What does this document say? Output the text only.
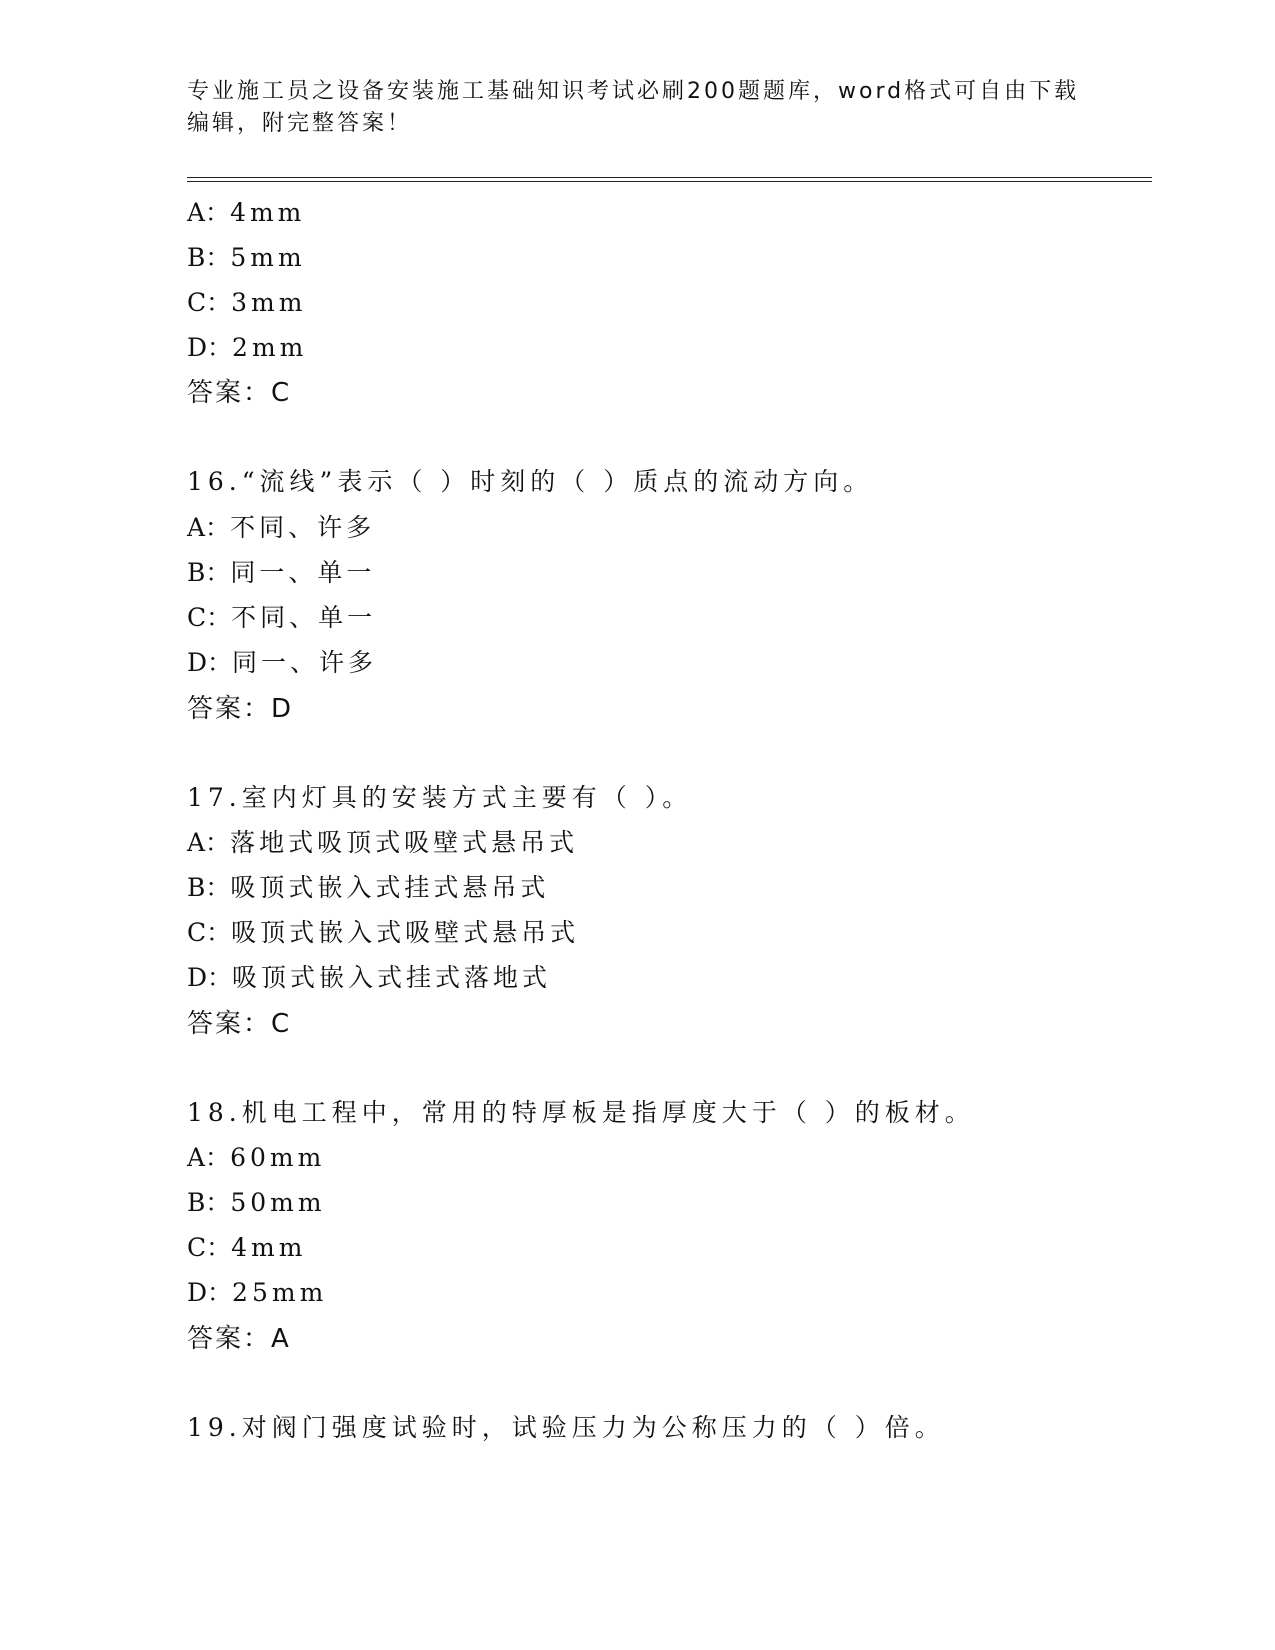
专业施工员之设备安装施工基础知识考试必刷200题题库，word格式可自由下载
编辑，附完整答案！
A：4mm
B：5mm
C：3mm
D：2mm
答案：C
16.“流线”表示（ ）时刻的（ ）质点的流动方向。
A：不同、许多
B：同一、单一
C：不同、单一
D：同一、许多
答案：D
17.室内灯具的安装方式主要有（ ）。
A：落地式吸顶式吸壁式悬吊式
B：吸顶式嵌入式挂式悬吊式
C：吸顶式嵌入式吸壁式悬吊式
D：吸顶式嵌入式挂式落地式
答案：C
18.机电工程中，常用的特厚板是指厚度大于（ ）的板材。
A：60mm
B：50mm
C：4mm
D：25mm
答案：A
19.对阀门强度试验时，试验压力为公称压力的（ ）倍。
